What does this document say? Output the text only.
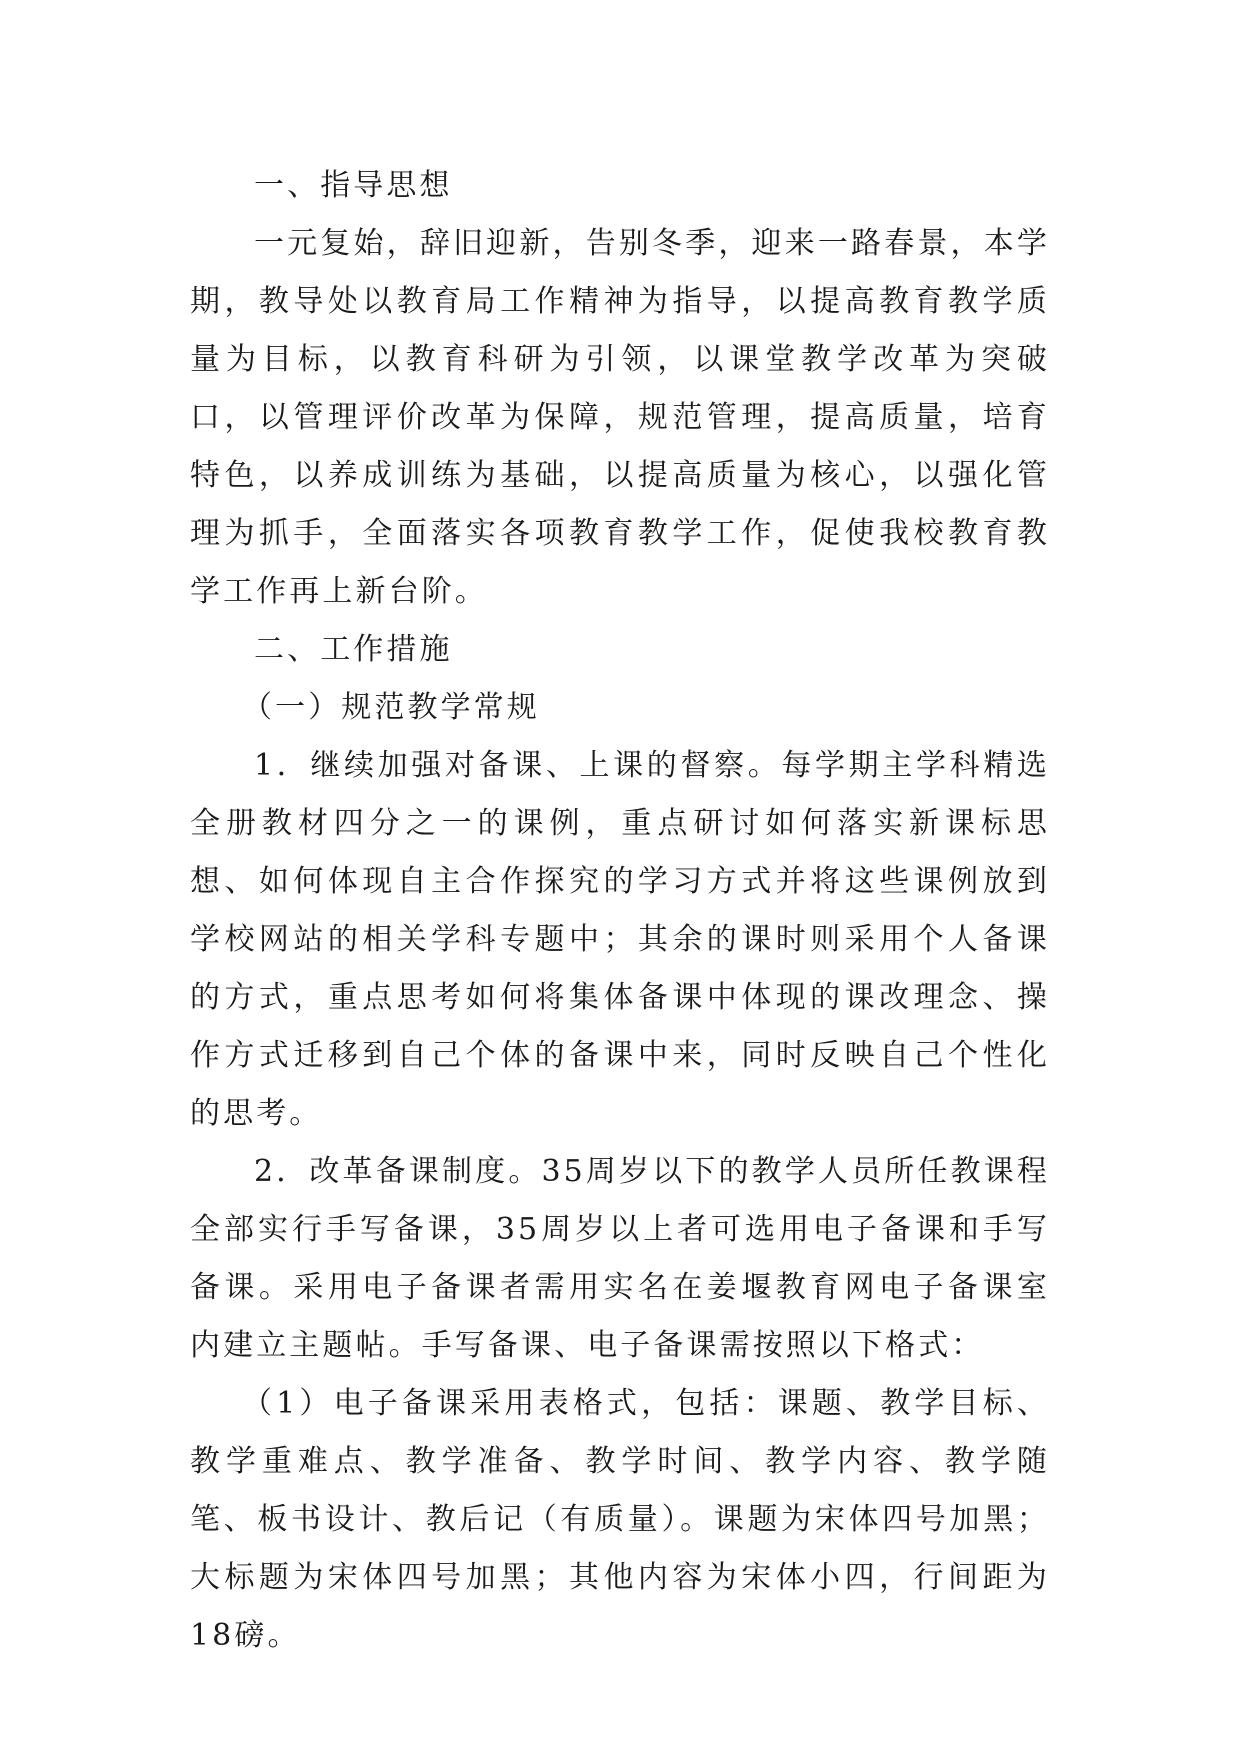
一、指导思想

一元复始，辞旧迎新，告别冬季，迎来一路春景，本学期，教导处以教育局工作精神为指导，以提高教育教学质量为目标，以教育科研为引领，以课堂教学改革为突破口，以管理评价改革为保障，规范管理，提高质量，培育特色，以养成训练为基础，以提高质量为核心，以强化管理为抓手，全面落实各项教育教学工作，促使我校教育教学工作再上新台阶。

二、工作措施

（一）规范教学常规

1．继续加强对备课、上课的督察。每学期主学科精选全册教材四分之一的课例，重点研讨如何落实新课标思想、如何体现自主合作探究的学习方式并将这些课例放到学校网站的相关学科专题中；其余的课时则采用个人备课的方式，重点思考如何将集体备课中体现的课改理念、操作方式迁移到自己个体的备课中来，同时反映自己个性化的思考。

2．改革备课制度。35周岁以下的教学人员所任教课程全部实行手写备课，35周岁以上者可选用电子备课和手写备课。采用电子备课者需用实名在姜堰教育网电子备课室内建立主题帖。手写备课、电子备课需按照以下格式：

（1）电子备课采用表格式，包括：课题、教学目标、教学重难点、教学准备、教学时间、教学内容、教学随笔、板书设计、教后记（有质量）。课题为宋体四号加黑；大标题为宋体四号加黑；其他内容为宋体小四，行间距为18磅。
